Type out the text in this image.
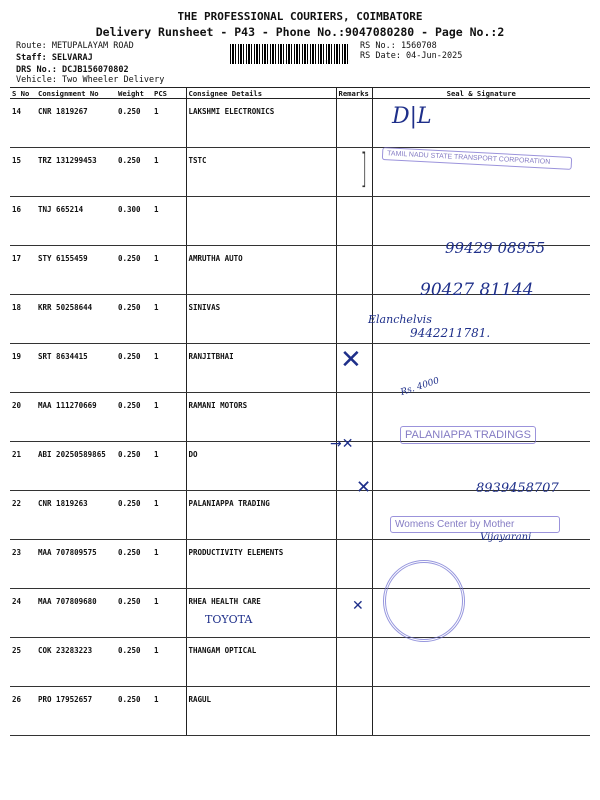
THE PROFESSIONAL COURIERS, COIMBATORE
Delivery Runsheet - P43 - Phone No.:9047080280 - Page No.:2
Route: METUPALAYAM ROAD
Staff: SELVARAJ
DRS No.: DCJB156070802
Vehicle: Two Wheeler Delivery
RS No.: 1560708
RS Date: 04-Jun-2025
S No	Consignment No	Weight	PCS	Consignee Details	Remarks	Seal & Signature
14	CNR 1819267	0.250	1	LAKSHMI ELECTRONICS		
15	TRZ 131299453	0.250	1	TSTC		
16	TNJ 665214	0.300	1			
17	STY 6155459	0.250	1	AMRUTHA AUTO		
18	KRR 50258644	0.250	1	SINIVAS		
19	SRT 8634415	0.250	1	RANJITBHAI		
20	MAA 111270669	0.250	1	RAMANI MOTORS		
21	ABI 20250589865	0.250	1	DO		
22	CNR 1819263	0.250	1	PALANIAPPA TRADING		
23	MAA 707809575	0.250	1	PRODUCTIVITY ELEMENTS		
24	MAA 707809680	0.250	1	RHEA HEALTH CARE		
25	COK 23283223	0.250	1	THANGAM OPTICAL		
26	PRO 17952657	0.250	1	RAGUL		
D|L
TAMIL NADU STATE TRANSPORT CORPORATION
]
99429 08955
90427 81144
Elanchelvis
9442211781.
✕
Rs. 4000
PALANIAPPA TRADINGS
→✕
✕	8939458707
Womens Center by Mother
Vijayarani
✕
TOYOTA
